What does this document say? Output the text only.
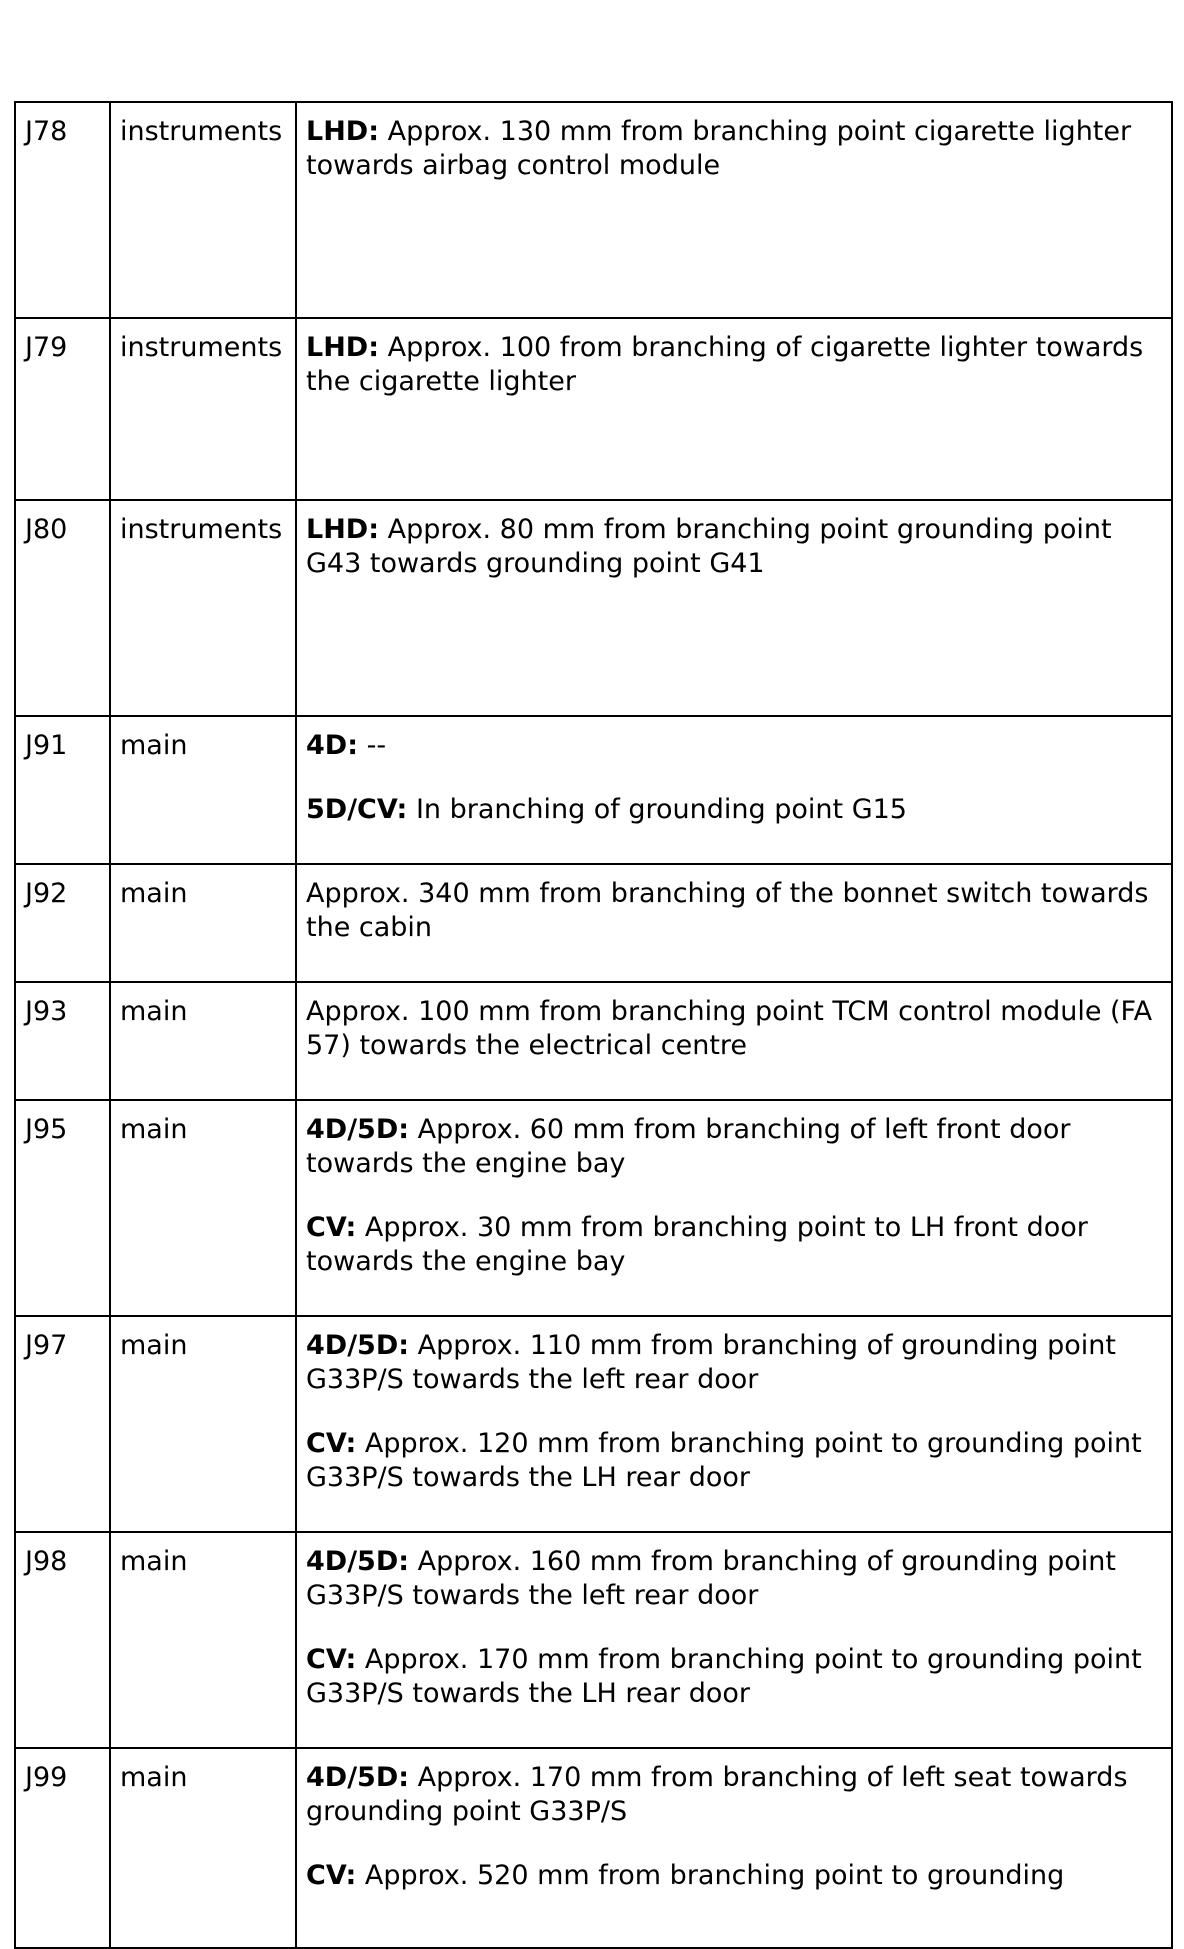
J78	instruments	LHD: Approx. 130 mm from branching point cigarette lighter towards airbag control module

J79	instruments	LHD: Approx. 100 from branching of cigarette lighter towards the cigarette lighter

J80	instruments	LHD: Approx. 80 mm from branching point grounding point G43 towards grounding point G41

J91	main	4D: --

5D/CV: In branching of grounding point G15

J92	main	Approx. 340 mm from branching of the bonnet switch towards the cabin

J93	main	Approx. 100 mm from branching point TCM control module (FA 57) towards the electrical centre

J95	main	4D/5D: Approx. 60 mm from branching of left front door towards the engine bay

CV: Approx. 30 mm from branching point to LH front door towards the engine bay

J97	main	4D/5D: Approx. 110 mm from branching of grounding point G33P/S towards the left rear door

CV: Approx. 120 mm from branching point to grounding point G33P/S towards the LH rear door

J98	main	4D/5D: Approx. 160 mm from branching of grounding point G33P/S towards the left rear door

CV: Approx. 170 mm from branching point to grounding point G33P/S towards the LH rear door

J99	main	4D/5D: Approx. 170 mm from branching of left seat towards grounding point G33P/S

CV: Approx. 520 mm from branching point to grounding
